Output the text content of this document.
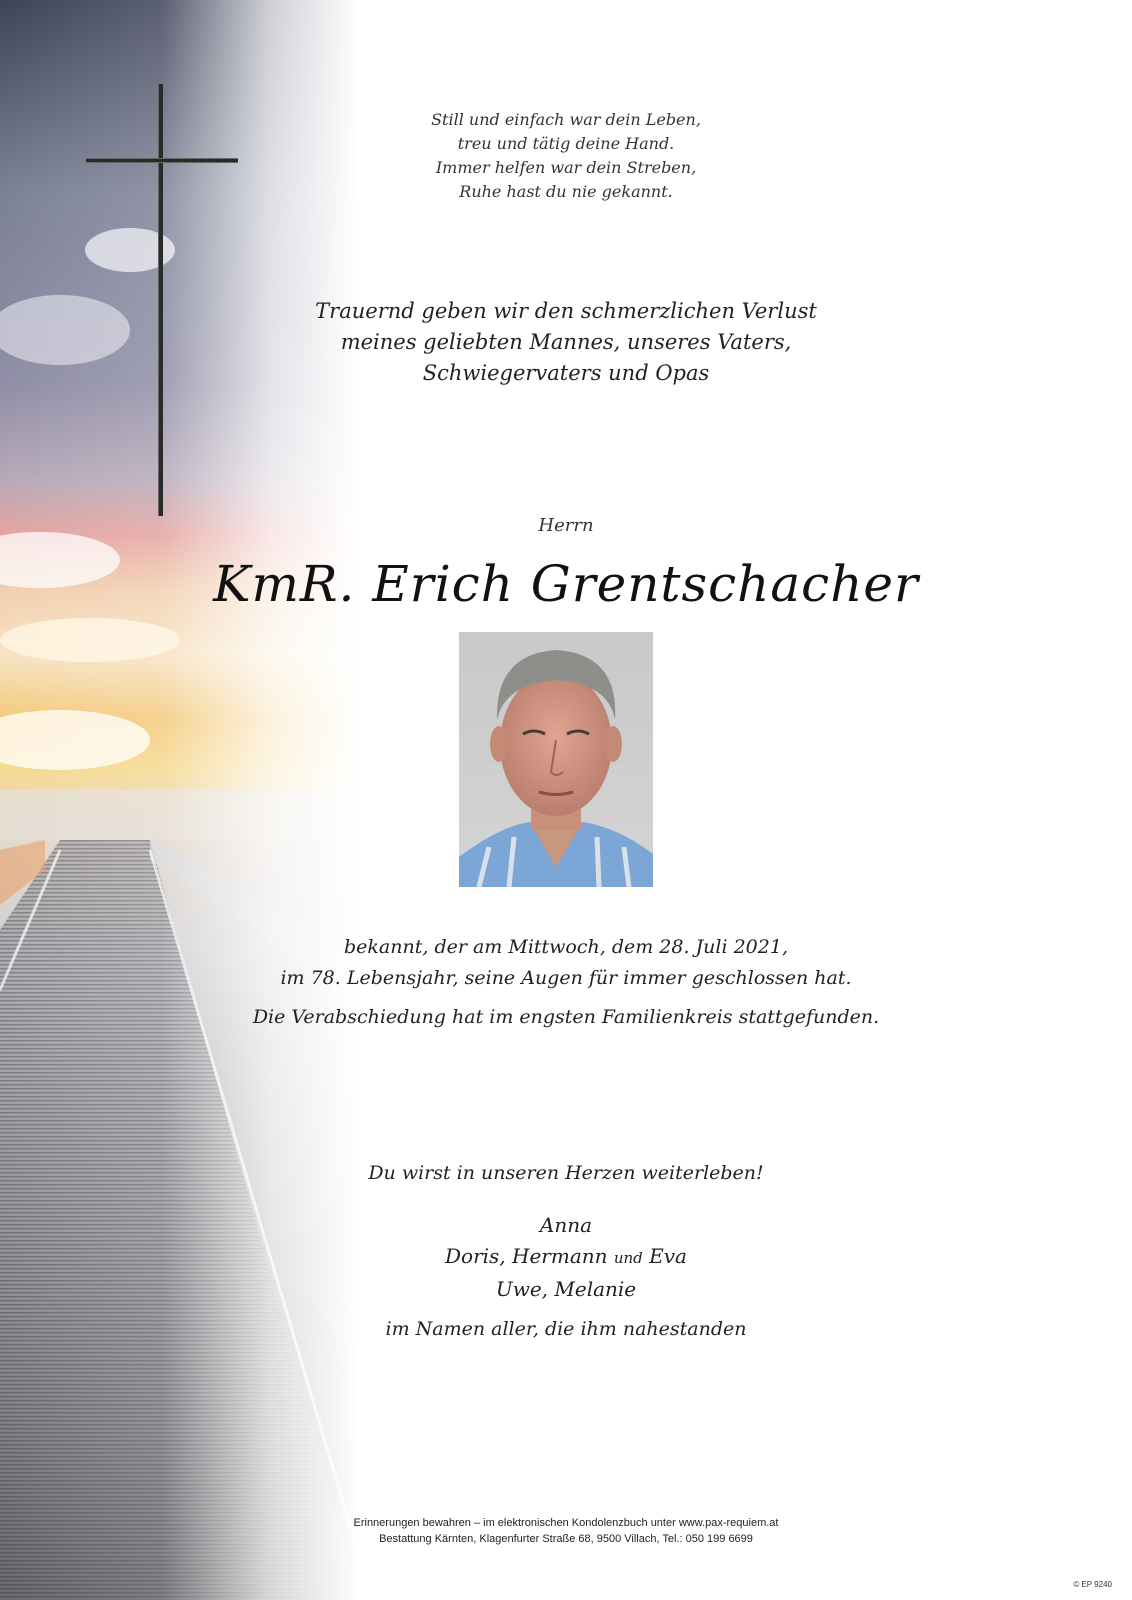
Still und einfach war dein Leben,

treu und tätig deine Hand.

Immer helfen war dein Streben,

Ruhe hast du nie gekannt.

Trauernd geben wir den schmerzlichen Verlust

meines geliebten Mannes, unseres Vaters,

Schwiegervaters und Opas

Herrn
KmR. Erich Grentschacher

bekannt, der am Mittwoch, dem 28. Juli 2021,

im 78. Lebensjahr, seine Augen für immer geschlossen hat.

Die Verabschiedung hat im engsten Familienkreis stattgefunden.
Du wirst in unseren Herzen weiterleben!

Anna

Doris, Hermann und Eva

Uwe, Melanie

im Namen aller, die ihm nahestanden

Erinnerungen bewahren – im elektronischen Kondolenzbuch unter www.pax-requiem.at

Bestattung Kärnten, Klagenfurter Straße 68, 9500 Villach, Tel.: 050 199 6699

© EP 9240
